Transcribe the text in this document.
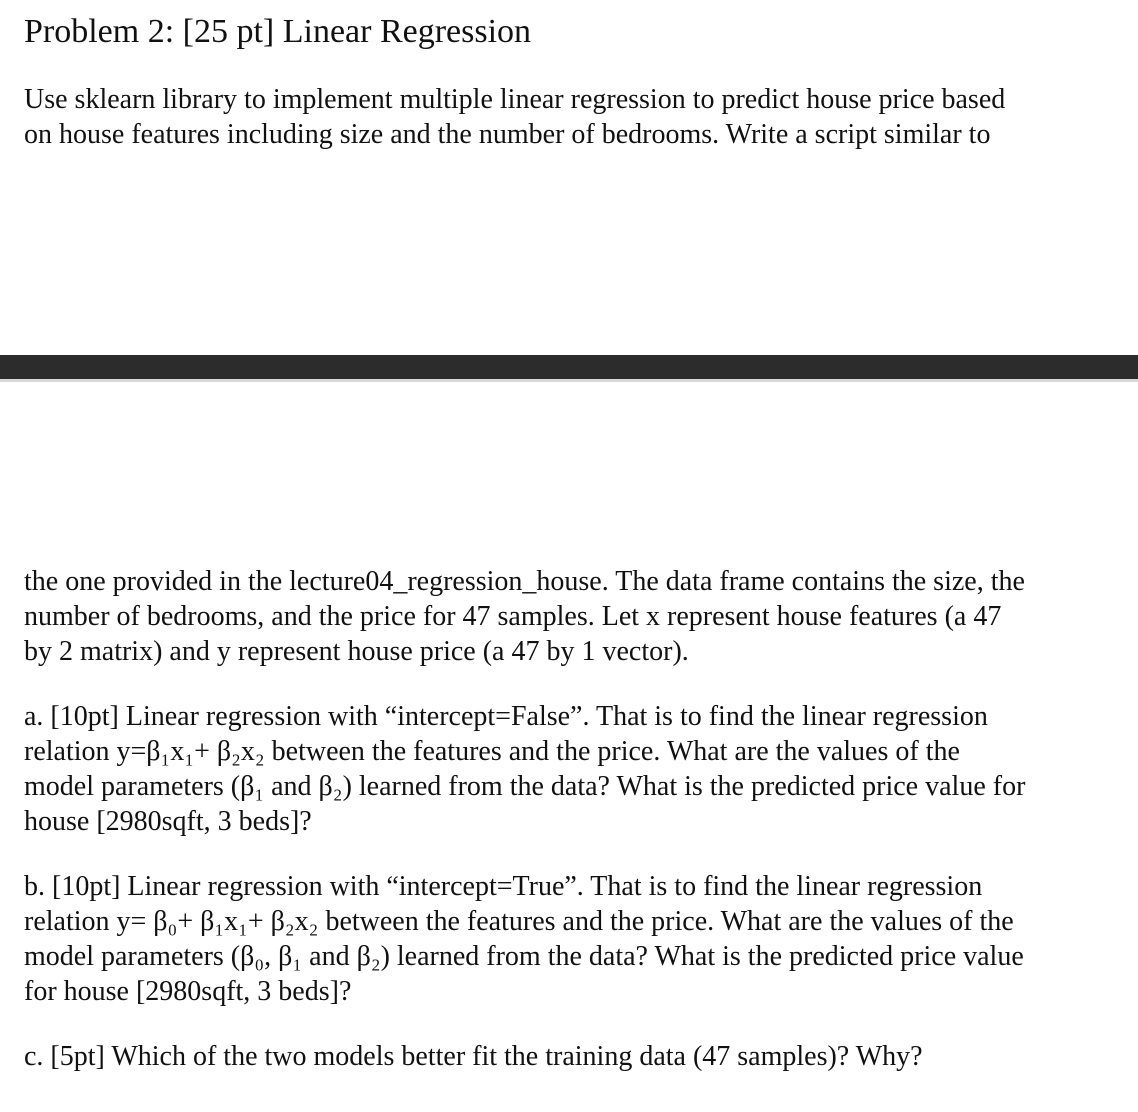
Problem 2: [25 pt] Linear Regression
Use sklearn library to implement multiple linear regression to predict house price based
on house features including size and the number of bedrooms. Write a script similar to
the one provided in the lecture04_regression_house. The data frame contains the size, the
number of bedrooms, and the price for 47 samples. Let x represent house features (a 47
by 2 matrix) and y represent house price (a 47 by 1 vector).
a. [10pt] Linear regression with “intercept=False”. That is to find the linear regression
relation y=β₁x₁+ β₂x₂ between the features and the price. What are the values of the
model parameters (β₁ and β₂) learned from the data? What is the predicted price value for
house [2980sqft, 3 beds]?
b. [10pt] Linear regression with “intercept=True”. That is to find the linear regression
relation y= β₀+ β₁x₁+ β₂x₂ between the features and the price. What are the values of the
model parameters (β₀, β₁ and β₂) learned from the data? What is the predicted price value
for house [2980sqft, 3 beds]?
c. [5pt] Which of the two models better fit the training data (47 samples)? Why?
